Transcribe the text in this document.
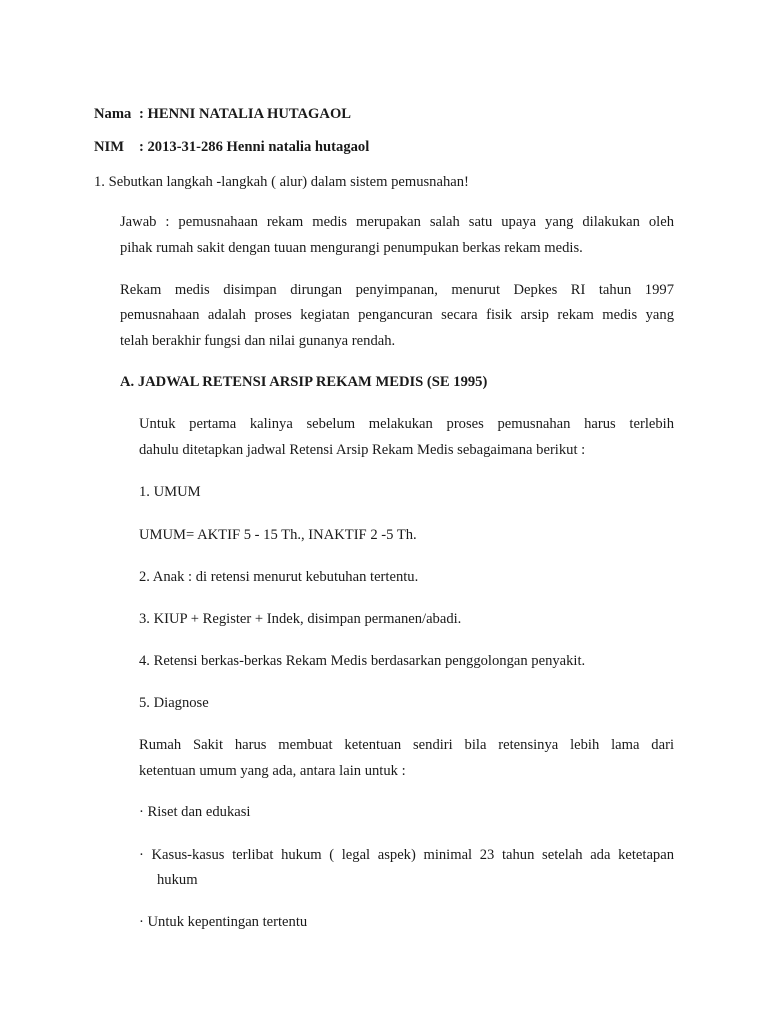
Nama : HENNI NATALIA HUTAGAOL
NIM : 2013-31-286 Henni natalia hutagaol
1. Sebutkan langkah -langkah ( alur) dalam sistem pemusnahan!
Jawab : pemusnahaan rekam medis merupakan salah satu upaya yang dilakukan oleh
pihak rumah sakit dengan tuuan mengurangi penumpukan berkas rekam medis.
Rekam medis disimpan dirungan penyimpanan, menurut Depkes RI tahun 1997
pemusnahaan adalah proses kegiatan pengancuran secara fisik arsip rekam medis yang
telah berakhir fungsi dan nilai gunanya rendah.
A. JADWAL RETENSI ARSIP REKAM MEDIS (SE 1995)
Untuk pertama kalinya sebelum melakukan proses pemusnahan harus terlebih
dahulu ditetapkan jadwal Retensi Arsip Rekam Medis sebagaimana berikut :
1. UMUM
UMUM= AKTIF 5 - 15 Th., INAKTIF 2 -5 Th.
2. Anak : di retensi menurut kebutuhan tertentu.
3. KIUP + Register + Indek, disimpan permanen/abadi.
4. Retensi berkas-berkas Rekam Medis berdasarkan penggolongan penyakit.
5. Diagnose
Rumah Sakit harus membuat ketentuan sendiri bila retensinya lebih lama dari
ketentuan umum yang ada, antara lain untuk :
· Riset dan edukasi
· Kasus-kasus terlibat hukum ( legal aspek) minimal 23 tahun setelah ada ketetapan
hukum
· Untuk kepentingan tertentu
